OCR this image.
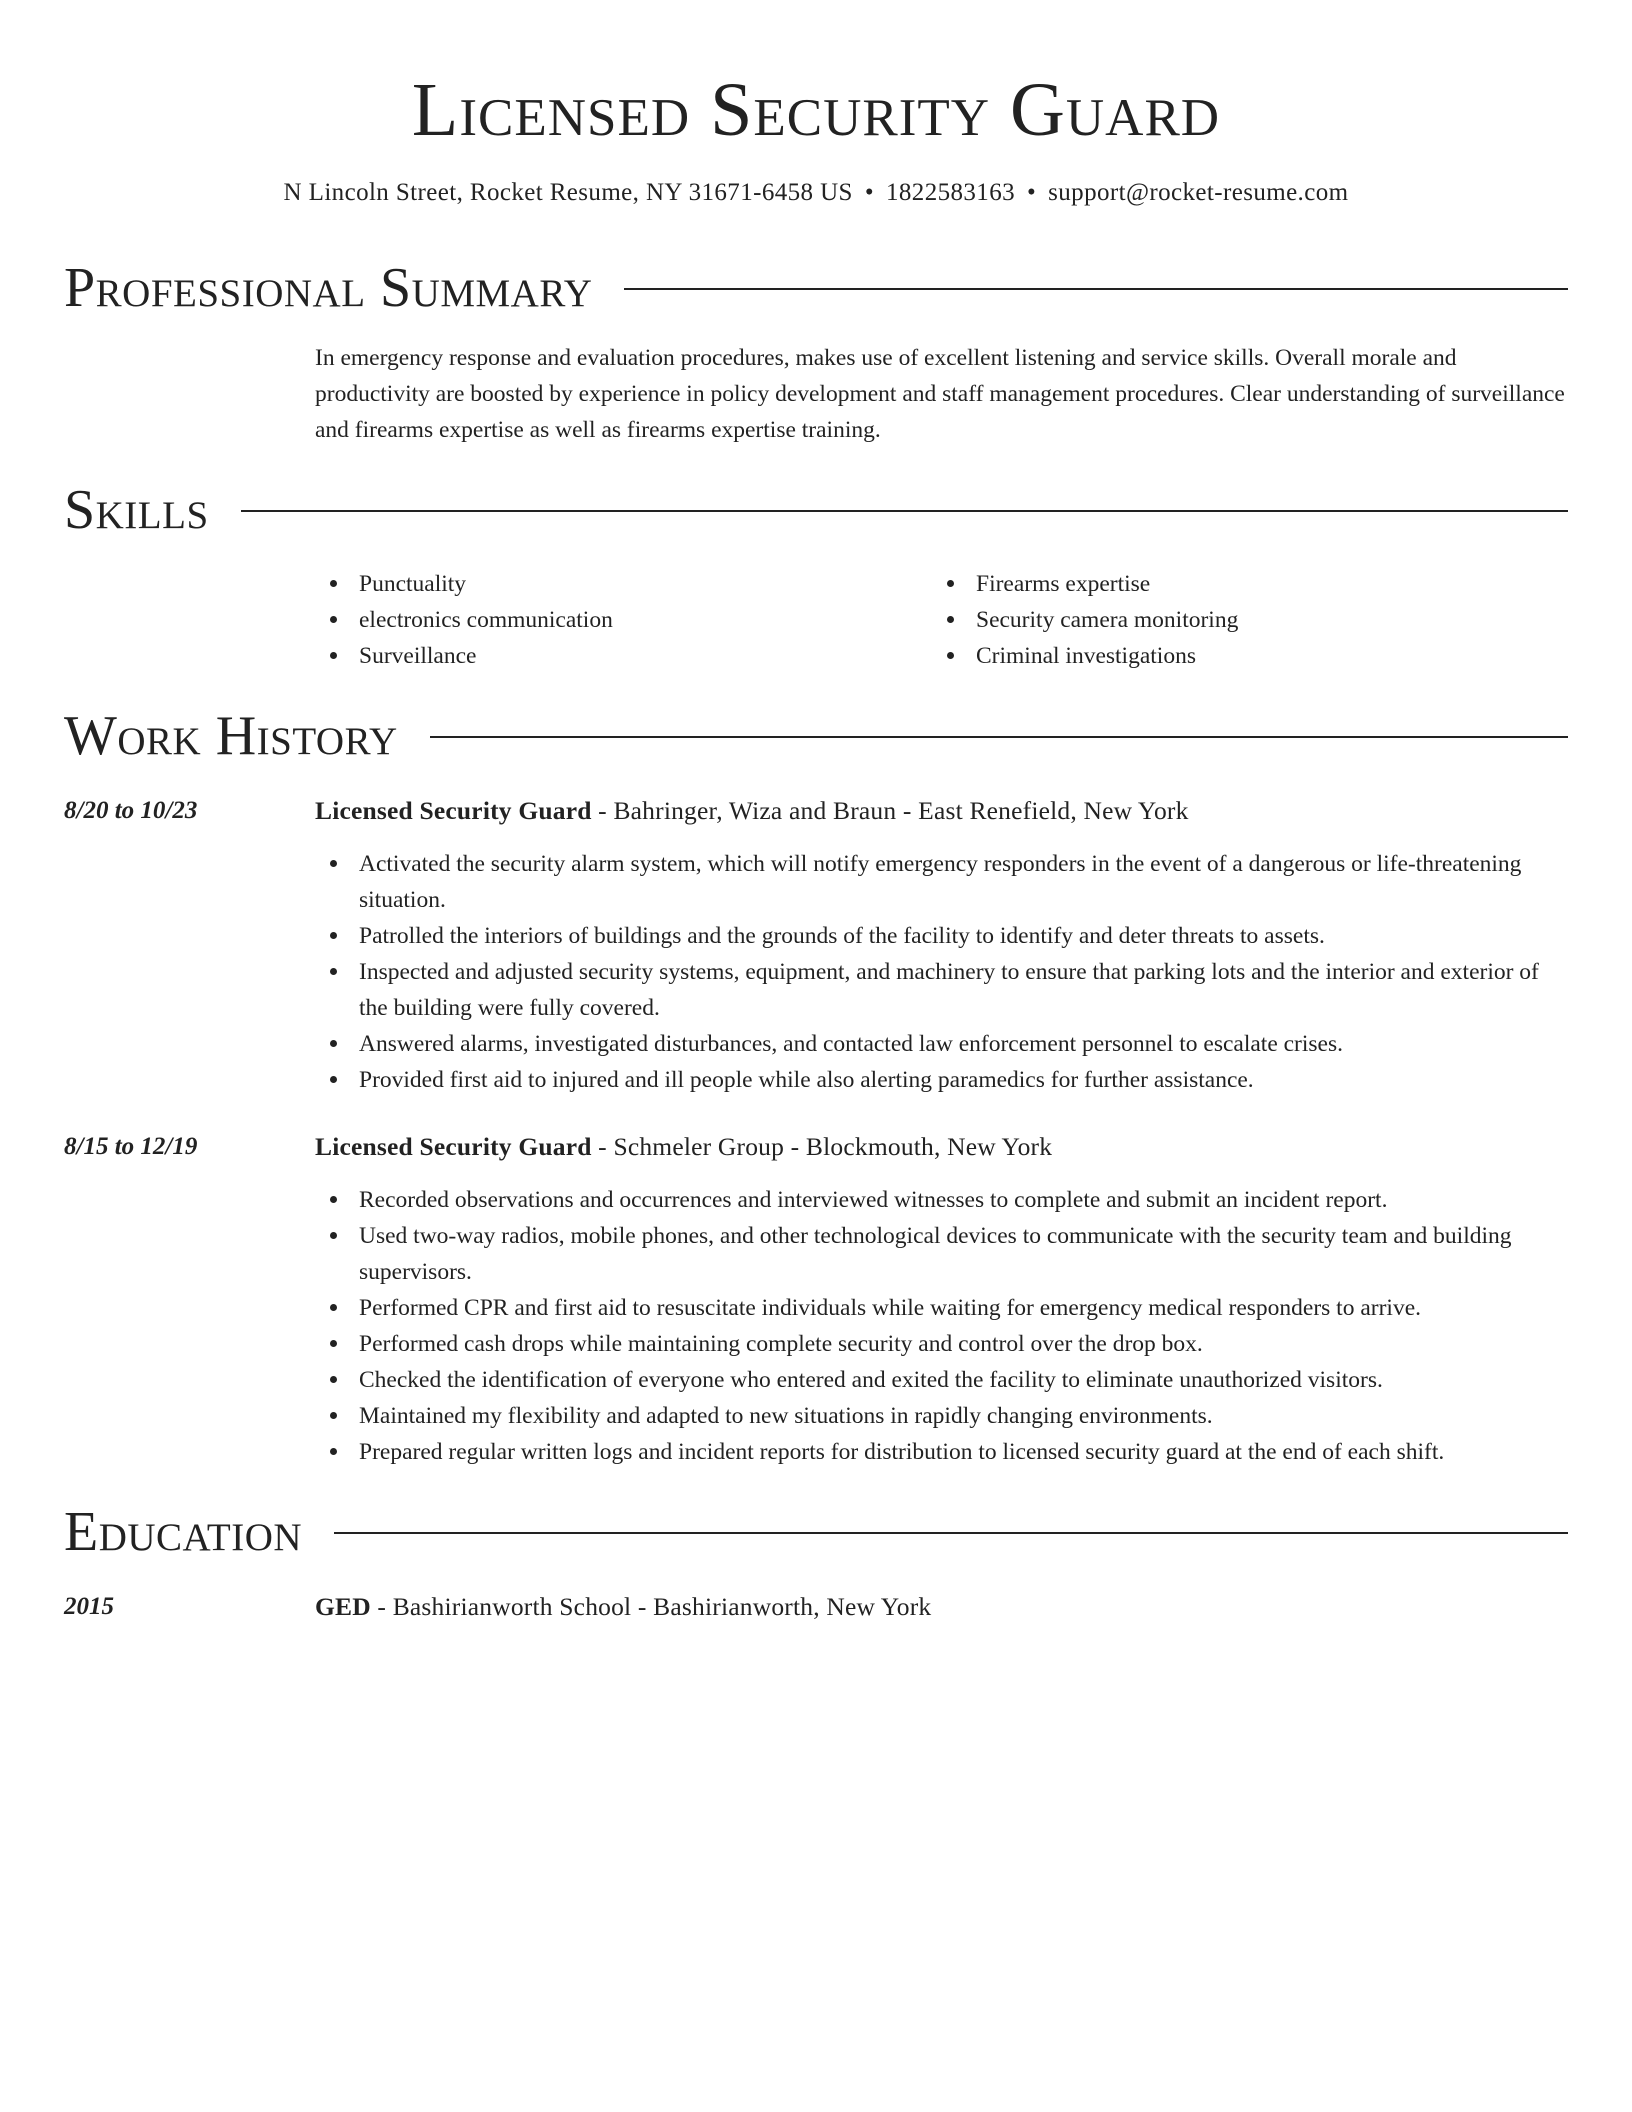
Licensed Security Guard
N Lincoln Street, Rocket Resume, NY 31671-6458 US • 1822583163 • support@rocket-resume.com
Professional Summary
In emergency response and evaluation procedures, makes use of excellent listening and service skills. Overall morale and productivity are boosted by experience in policy development and staff management procedures. Clear understanding of surveillance and firearms expertise as well as firearms expertise training.
Skills
Punctuality
electronics communication
Surveillance
Firearms expertise
Security camera monitoring
Criminal investigations
Work History
8/20 to 10/23	Licensed Security Guard - Bahringer, Wiza and Braun - East Renefield, New York
Activated the security alarm system, which will notify emergency responders in the event of a dangerous or life-threatening situation.
Patrolled the interiors of buildings and the grounds of the facility to identify and deter threats to assets.
Inspected and adjusted security systems, equipment, and machinery to ensure that parking lots and the interior and exterior of the building were fully covered.
Answered alarms, investigated disturbances, and contacted law enforcement personnel to escalate crises.
Provided first aid to injured and ill people while also alerting paramedics for further assistance.
8/15 to 12/19	Licensed Security Guard - Schmeler Group - Blockmouth, New York
Recorded observations and occurrences and interviewed witnesses to complete and submit an incident report.
Used two-way radios, mobile phones, and other technological devices to communicate with the security team and building supervisors.
Performed CPR and first aid to resuscitate individuals while waiting for emergency medical responders to arrive.
Performed cash drops while maintaining complete security and control over the drop box.
Checked the identification of everyone who entered and exited the facility to eliminate unauthorized visitors.
Maintained my flexibility and adapted to new situations in rapidly changing environments.
Prepared regular written logs and incident reports for distribution to licensed security guard at the end of each shift.
Education
2015	GED - Bashirianworth School - Bashirianworth, New York
